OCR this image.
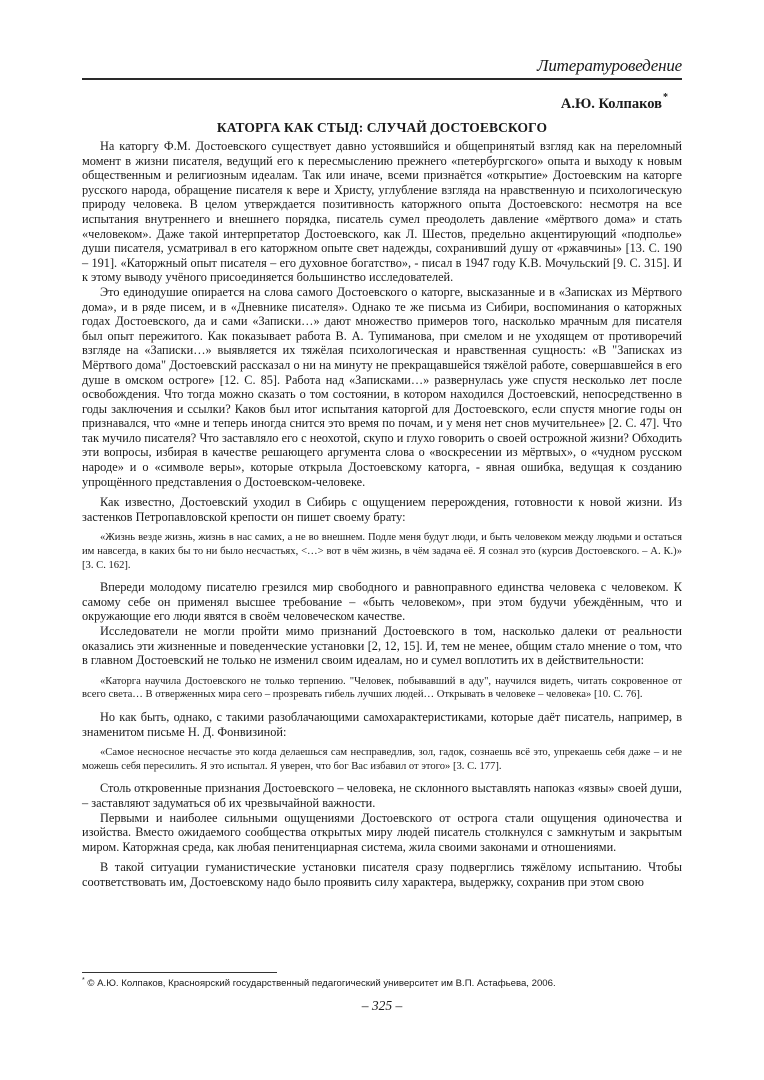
Литературоведение
А.Ю. Колпаков*
КАТОРГА КАК СТЫД: СЛУЧАЙ ДОСТОЕВСКОГО

На каторгу Ф.М. Достоевского существует давно устоявшийся и общепринятый взгляд как на переломный момент в жизни писателя, ведущий его к пересмыслению прежнего «петербургского» опыта и выходу к новым общественным и религиозным идеалам. Так или иначе, всеми признаётся «открытие» Достоевским на каторге русского народа, обращение писателя к вере и Христу, углубление взгляда на нравственную и психологическую природу человека. В целом утверждается позитивность каторжного опыта Достоевского: несмотря на все испытания внутреннего и внешнего порядка, писатель сумел преодолеть давление «мёртвого дома» и стать «человеком». Даже такой интерпретатор Достоевского, как Л. Шестов, предельно акцентирующий «подполье» души писателя, усматривал в его каторжном опыте свет надежды, сохранивший душу от «ржавчины» [13. С. 190 – 191]. «Каторжный опыт писателя – его духовное богатство», - писал в 1947 году К.В. Мочульский [9. С. 315]. И к этому выводу учёного присоединяется большинство исследователей.

Это единодушие опирается на слова самого Достоевского о каторге, высказанные и в «Записках из Мёртвого дома», и в ряде писем, и в «Дневнике писателя». Однако те же письма из Сибири, воспоминания о каторжных годах Достоевского, да и сами «Записки…» дают множество примеров того, насколько мрачным для писателя был опыт пережитого. Как показывает работа В. А. Тупиманова, при смелом и не уходящем от противоречий взгляде на «Записки…» выявляется их тяжёлая психологическая и нравственная сущность: «В "Записках из Мёртвого дома" Достоевский рассказал о ни на минуту не прекращавшейся тяжёлой работе, совершавшейся в его душе в омском остроге» [12. С. 85]. Работа над «Записками…» развернулась уже спустя несколько лет после освобождения. Что тогда можно сказать о том состоянии, в котором находился Достоевский, непосредственно в годы заключения и ссылки? Каков был итог испытания каторгой для Достоевского, если спустя многие годы он признавался, что «мне и теперь иногда снится это время по почам, и у меня нет снов мучительнее» [2. С. 47]. Что так мучило писателя? Что заставляло его с неохотой, скупо и глухо говорить о своей острожной жизни? Обходить эти вопросы, избирая в качестве решающего аргумента слова о «воскресении из мёртвых», о «чудном русском народе» и о «символе веры», которые открыла Достоевскому каторга, - явная ошибка, ведущая к созданию упрощённого представления о Достоевском-человеке.

Как известно, Достоевский уходил в Сибирь с ощущением перерождения, готовности к новой жизни. Из застенков Петропавловской крепости он пишет своему брату:

«Жизнь везде жизнь, жизнь в нас самих, а не во внешнем. Подле меня будут люди, и быть человеком между людьми и остаться им навсегда, в каких бы то ни было несчастьях, <…> вот в чём жизнь, в чём задача её. Я сознал это (курсив Достоевского. – А. К.)» [3. С. 162].

Впереди молодому писателю грезился мир свободного и равноправного единства человека с человеком. К самому себе он применял высшее требование – «быть человеком», при этом будучи убеждённым, что и окружающие его люди явятся в своём человеческом качестве.

Исследователи не могли пройти мимо признаний Достоевского в том, насколько далеки от реальности оказались эти жизненные и поведенческие установки [2, 12, 15]. И, тем не менее, общим стало мнение о том, что в главном Достоевский не только не изменил своим идеалам, но и сумел воплотить их в действительности:

«Каторга научила Достоевского не только терпению. "Человек, побывавший в аду", научился видеть, читать сокровенное от всего света… В отверженных мира сего – прозревать гибель лучших людей… Открывать в человеке – человека» [10. С. 76].

Но как быть, однако, с такими разоблачающими самохарактеристиками, которые даёт писатель, например, в знаменитом письме Н. Д. Фонвизиной:

«Самое несносное несчастье это когда делаешься сам несправедлив, зол, гадок, сознаешь всё это, упрекаешь себя даже – и не можешь себя пересилить. Я это испытал. Я уверен, что бог Вас избавил от этого» [3. С. 177].

Столь откровенные признания Достоевского – человека, не склонного выставлять напоказ «язвы» своей души, – заставляют задуматься об их чрезвычайной важности.

Первыми и наиболее сильными ощущениями Достоевского от острога стали ощущения одиночества и изойства. Вместо ожидаемого сообщества открытых миру людей писатель столкнулся с замкнутым и закрытым миром. Каторжная среда, как любая пенитенциарная система, жила своими законами и отношениями.

В такой ситуации гуманистические установки писателя сразу подверглись тяжёлому испытанию. Чтобы соответствовать им, Достоевскому надо было проявить силу характера, выдержку, сохранив при этом свою

* © А.Ю. Колпаков, Красноярский государственный педагогический университет им В.П. Астафьева, 2006.
– 325 –
